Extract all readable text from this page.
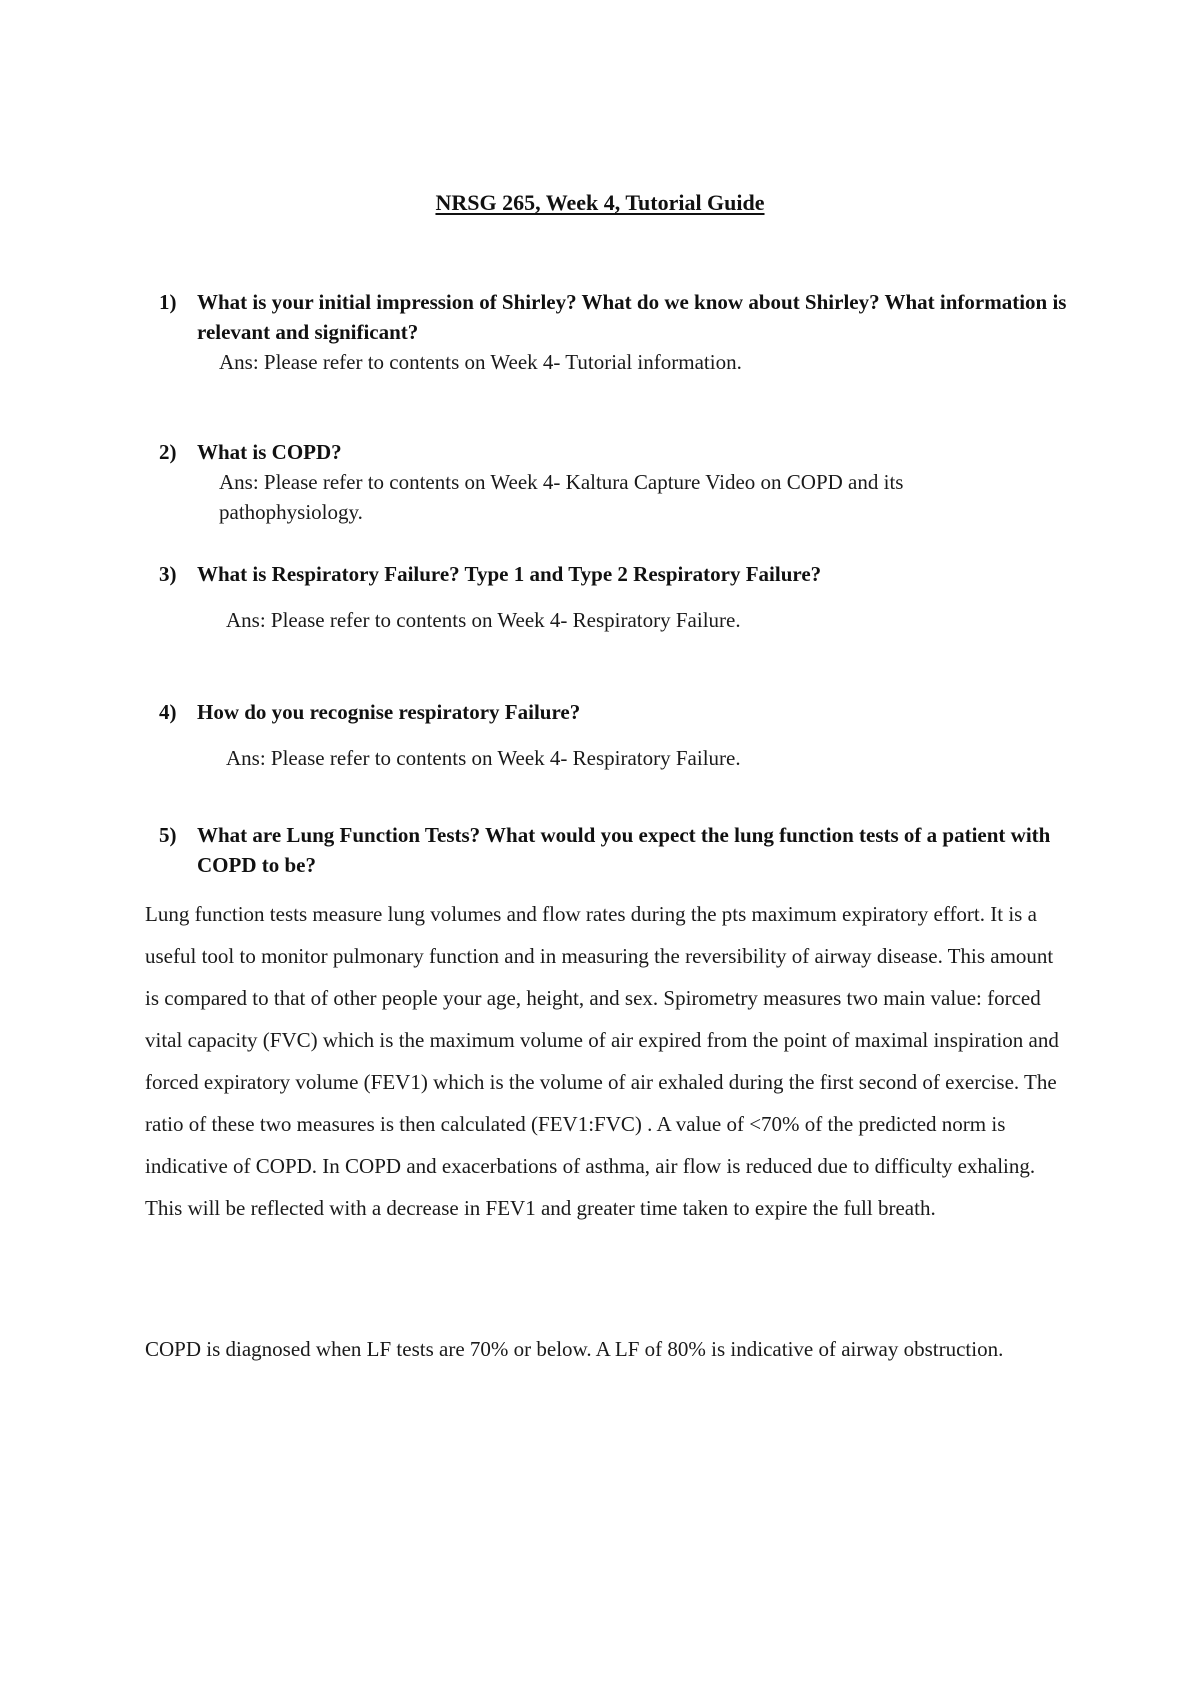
NRSG 265, Week 4, Tutorial Guide
1) What is your initial impression of Shirley? What do we know about Shirley? What information is relevant and significant?
Ans: Please refer to contents on Week 4- Tutorial information.
2) What is COPD?
Ans: Please refer to contents on Week 4- Kaltura Capture Video on COPD and its pathophysiology.
3) What is Respiratory Failure? Type 1 and Type 2 Respiratory Failure?
Ans: Please refer to contents on Week 4- Respiratory Failure.
4) How do you recognise respiratory Failure?
Ans: Please refer to contents on Week 4- Respiratory Failure.
5) What are Lung Function Tests? What would you expect the lung function tests of a patient with COPD to be?
Lung function tests measure lung volumes and flow rates during the pts maximum expiratory effort. It is a useful tool to monitor pulmonary function and in measuring the reversibility of airway disease. This amount is compared to that of other people your age, height, and sex. Spirometry measures two main value: forced vital capacity (FVC) which is the maximum volume of air expired from the point of maximal inspiration and forced expiratory volume (FEV1) which is the volume of air exhaled during the first second of exercise. The ratio of these two measures is then calculated (FEV1:FVC) . A value of <70% of the predicted norm is indicative of COPD. In COPD and exacerbations of asthma, air flow is reduced due to difficulty exhaling. This will be reflected with a decrease in FEV1 and greater time taken to expire the full breath.
COPD is diagnosed when LF tests are 70% or below. A LF of 80% is indicative of airway obstruction.
